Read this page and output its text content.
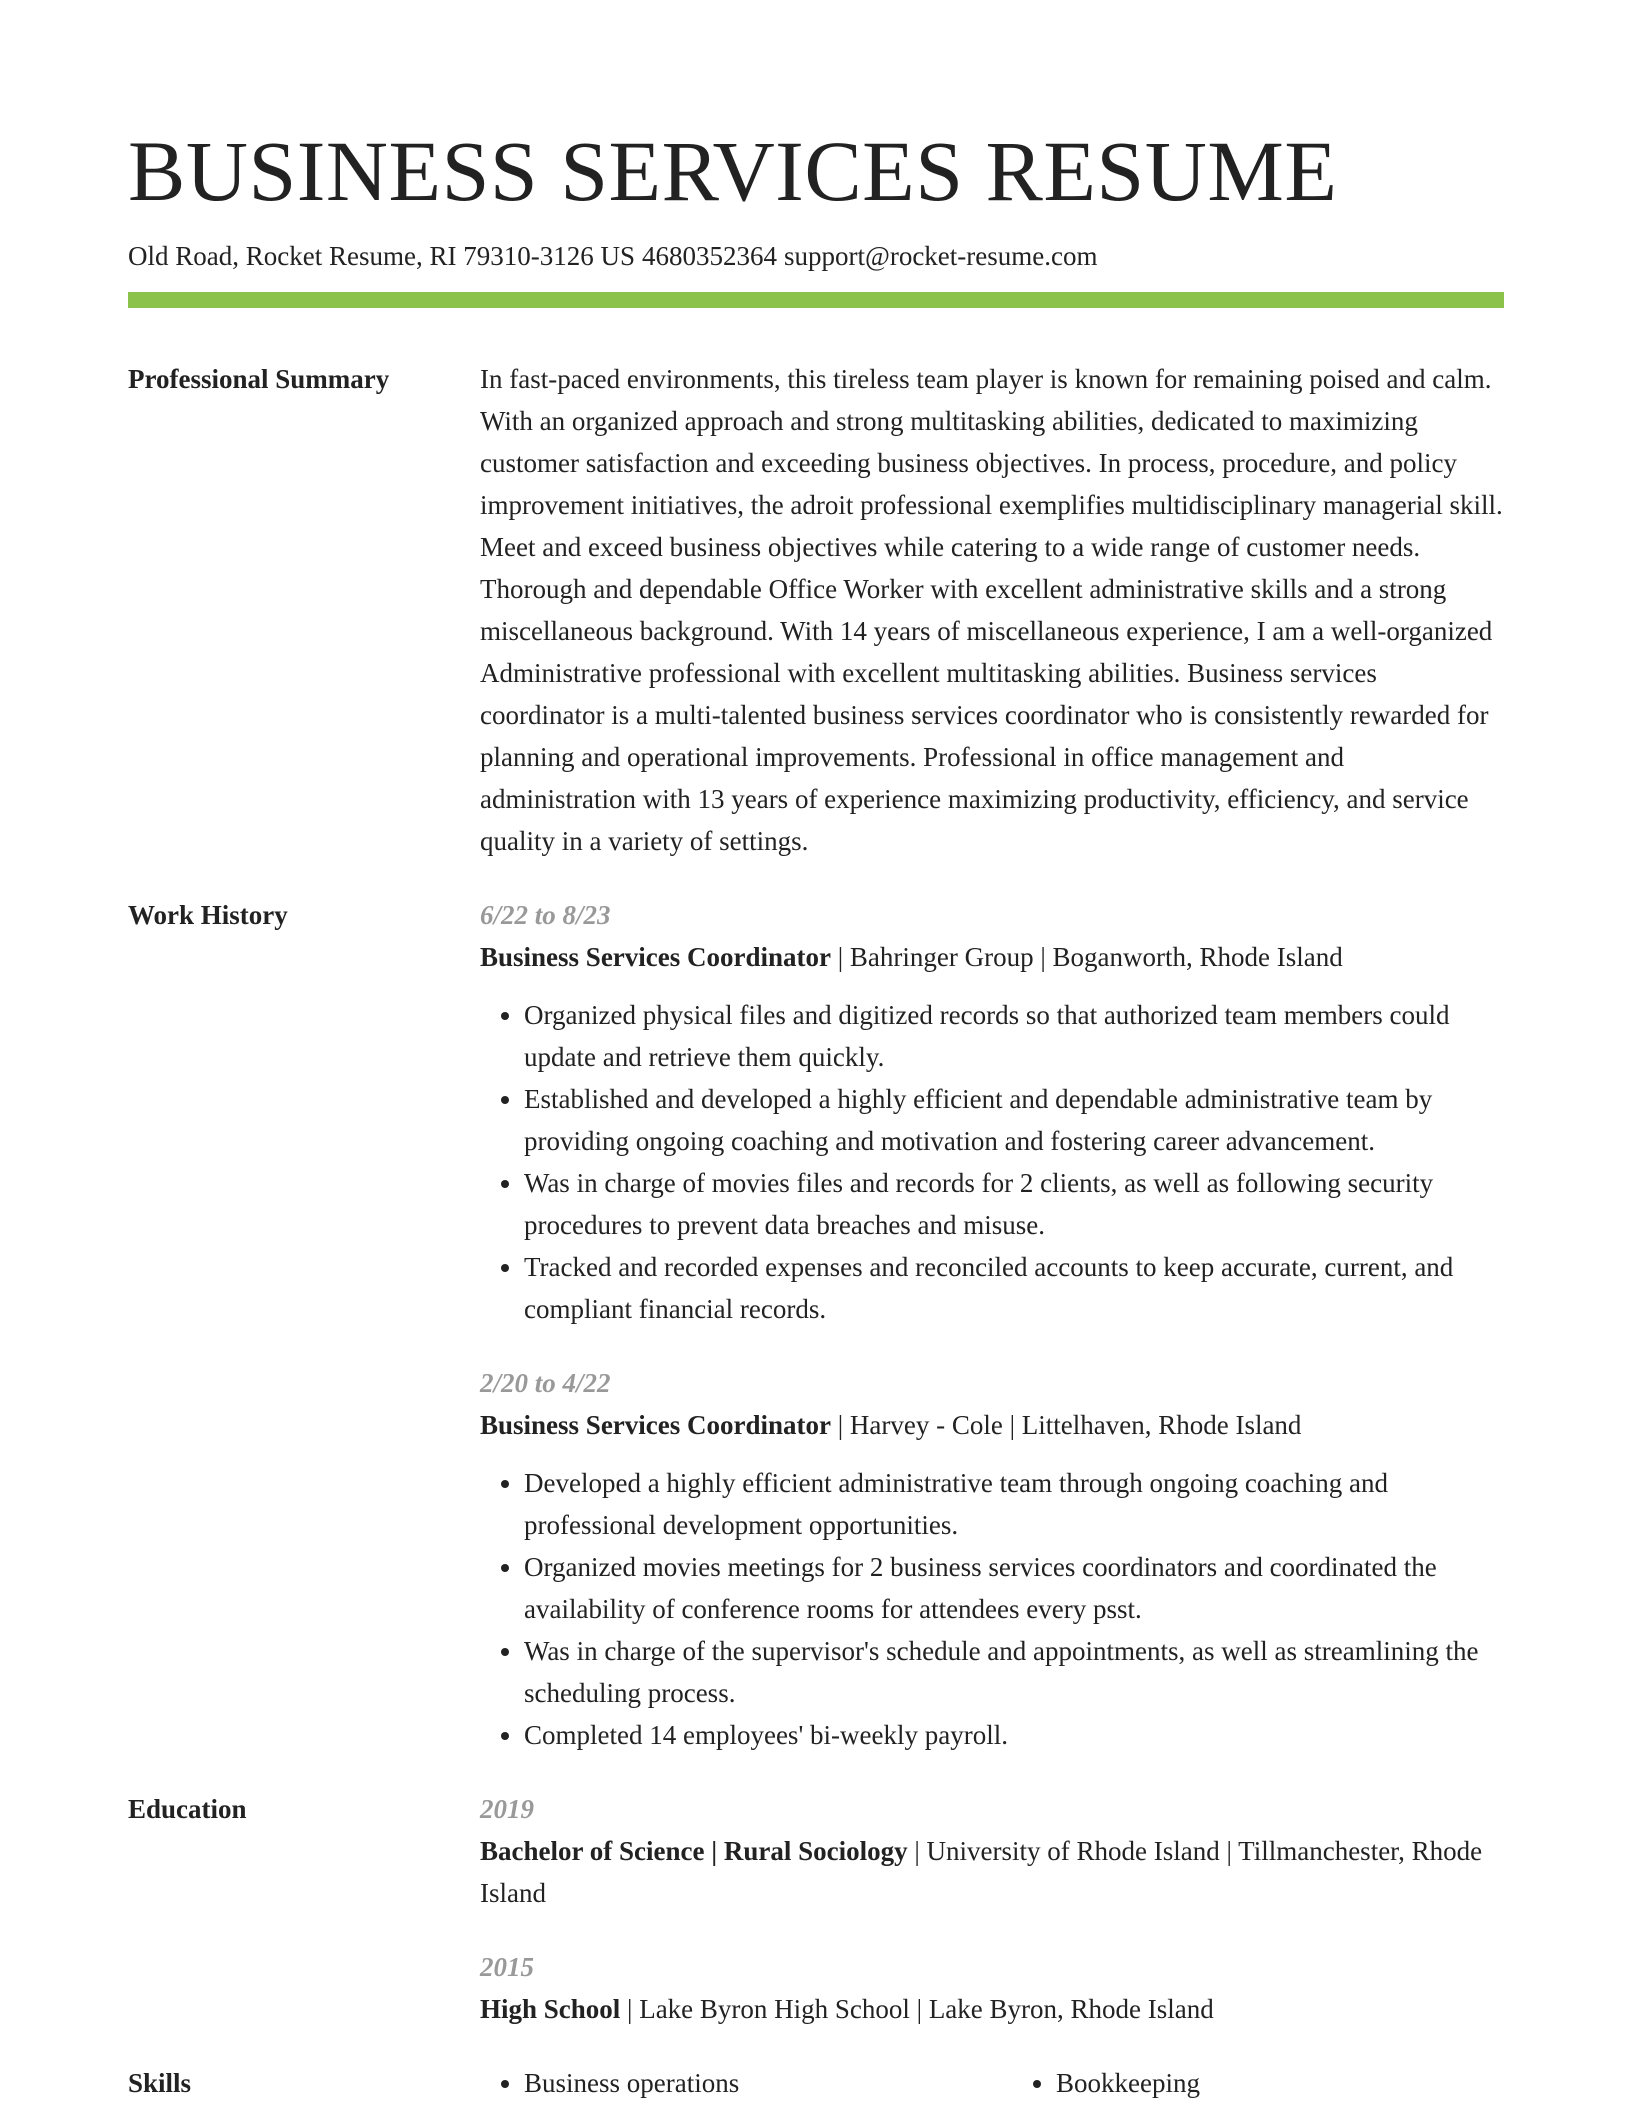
BUSINESS SERVICES RESUME
Old Road, Rocket Resume, RI 79310-3126 US 4680352364 support@rocket-resume.com
Professional Summary	In fast-paced environments, this tireless team player is known for remaining poised and calm. With an organized approach and strong multitasking abilities, dedicated to maximizing customer satisfaction and exceeding business objectives. In process, procedure, and policy improvement initiatives, the adroit professional exemplifies multidisciplinary managerial skill. Meet and exceed business objectives while catering to a wide range of customer needs. Thorough and dependable Office Worker with excellent administrative skills and a strong miscellaneous background. With 14 years of miscellaneous experience, I am a well-organized Administrative professional with excellent multitasking abilities. Business services coordinator is a multi-talented business services coordinator who is consistently rewarded for planning and operational improvements. Professional in office management and administration with 13 years of experience maximizing productivity, efficiency, and service quality in a variety of settings.

Work History	6/22 to 8/23

Business Services Coordinator | Bahringer Group | Boganworth, Rhode Island

• Organized physical files and digitized records so that authorized team members could update and retrieve them quickly.
• Established and developed a highly efficient and dependable administrative team by providing ongoing coaching and motivation and fostering career advancement.
• Was in charge of movies files and records for 2 clients, as well as following security procedures to prevent data breaches and misuse.
• Tracked and recorded expenses and reconciled accounts to keep accurate, current, and compliant financial records.
2/20 to 4/22

Business Services Coordinator | Harvey - Cole | Littelhaven, Rhode Island

• Developed a highly efficient administrative team through ongoing coaching and professional development opportunities.
• Organized movies meetings for 2 business services coordinators and coordinated the availability of conference rooms for attendees every psst.
• Was in charge of the supervisor's schedule and appointments, as well as streamlining the scheduling process.
• Completed 14 employees' bi-weekly payroll.
Education	2019

Bachelor of Science | Rural Sociology | University of Rhode Island | Tillmanchester, Rhode Island

2015

High School | Lake Byron High School | Lake Byron, Rhode Island

Skills	• Business operations	• Bookkeeping
